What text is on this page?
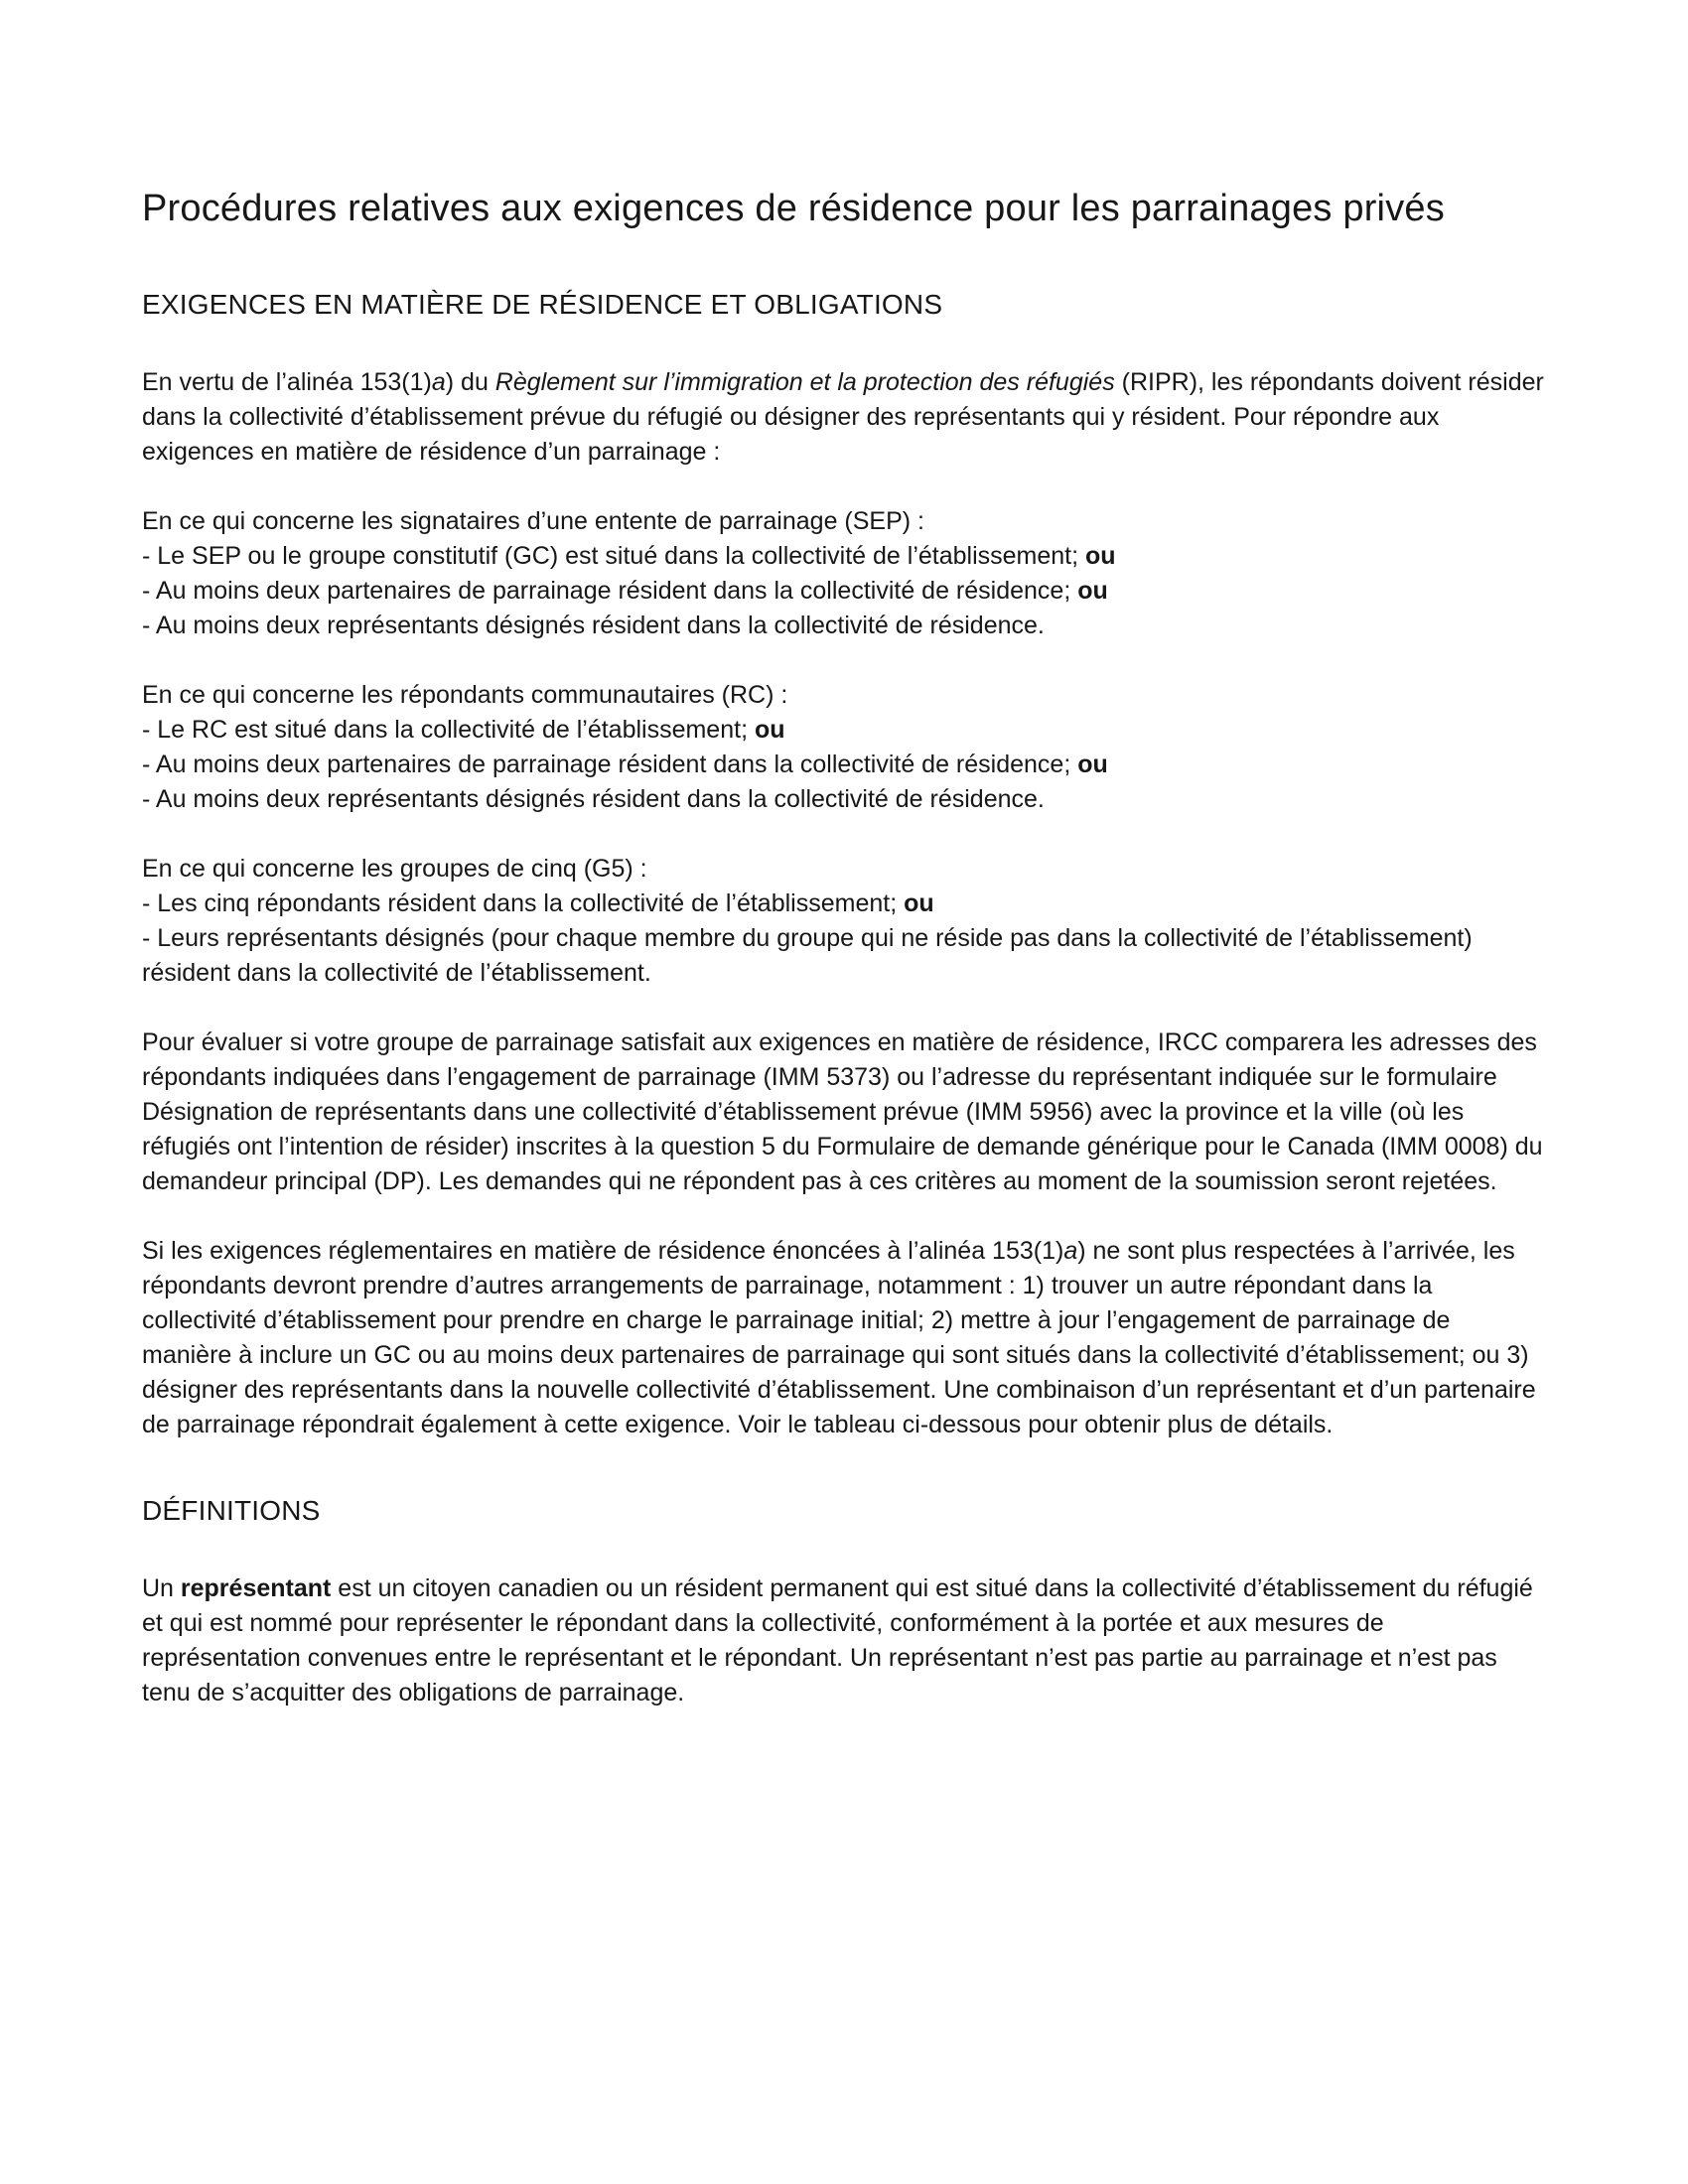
Procédures relatives aux exigences de résidence pour les parrainages privés
EXIGENCES EN MATIÈRE DE RÉSIDENCE ET OBLIGATIONS

En vertu de l’alinéa 153(1)a) du Règlement sur l’immigration et la protection des réfugiés (RIPR), les répondants doivent résider dans la collectivité d’établissement prévue du réfugié ou désigner des représentants qui y résident. Pour répondre aux exigences en matière de résidence d’un parrainage :

En ce qui concerne les signataires d’une entente de parrainage (SEP) :
- Le SEP ou le groupe constitutif (GC) est situé dans la collectivité de l’établissement; ou
- Au moins deux partenaires de parrainage résident dans la collectivité de résidence; ou
- Au moins deux représentants désignés résident dans la collectivité de résidence.

En ce qui concerne les répondants communautaires (RC) :
- Le RC est situé dans la collectivité de l’établissement; ou
- Au moins deux partenaires de parrainage résident dans la collectivité de résidence; ou
- Au moins deux représentants désignés résident dans la collectivité de résidence.

En ce qui concerne les groupes de cinq (G5) :
- Les cinq répondants résident dans la collectivité de l’établissement; ou
- Leurs représentants désignés (pour chaque membre du groupe qui ne réside pas dans la collectivité de l’établissement) résident dans la collectivité de l’établissement.

Pour évaluer si votre groupe de parrainage satisfait aux exigences en matière de résidence, IRCC comparera les adresses des répondants indiquées dans l’engagement de parrainage (IMM 5373) ou l’adresse du représentant indiquée sur le formulaire Désignation de représentants dans une collectivité d’établissement prévue (IMM 5956) avec la province et la ville (où les réfugiés ont l’intention de résider) inscrites à la question 5 du Formulaire de demande générique pour le Canada (IMM 0008) du demandeur principal (DP). Les demandes qui ne répondent pas à ces critères au moment de la soumission seront rejetées.

Si les exigences réglementaires en matière de résidence énoncées à l’alinéa 153(1)a) ne sont plus respectées à l’arrivée, les répondants devront prendre d’autres arrangements de parrainage, notamment : 1) trouver un autre répondant dans la collectivité d’établissement pour prendre en charge le parrainage initial; 2) mettre à jour l’engagement de parrainage de manière à inclure un GC ou au moins deux partenaires de parrainage qui sont situés dans la collectivité d’établissement; ou 3) désigner des représentants dans la nouvelle collectivité d’établissement. Une combinaison d’un représentant et d’un partenaire de parrainage répondrait également à cette exigence. Voir le tableau ci-dessous pour obtenir plus de détails.

DÉFINITIONS

Un représentant est un citoyen canadien ou un résident permanent qui est situé dans la collectivité d’établissement du réfugié et qui est nommé pour représenter le répondant dans la collectivité, conformément à la portée et aux mesures de représentation convenues entre le représentant et le répondant. Un représentant n’est pas partie au parrainage et n’est pas tenu de s’acquitter des obligations de parrainage.
